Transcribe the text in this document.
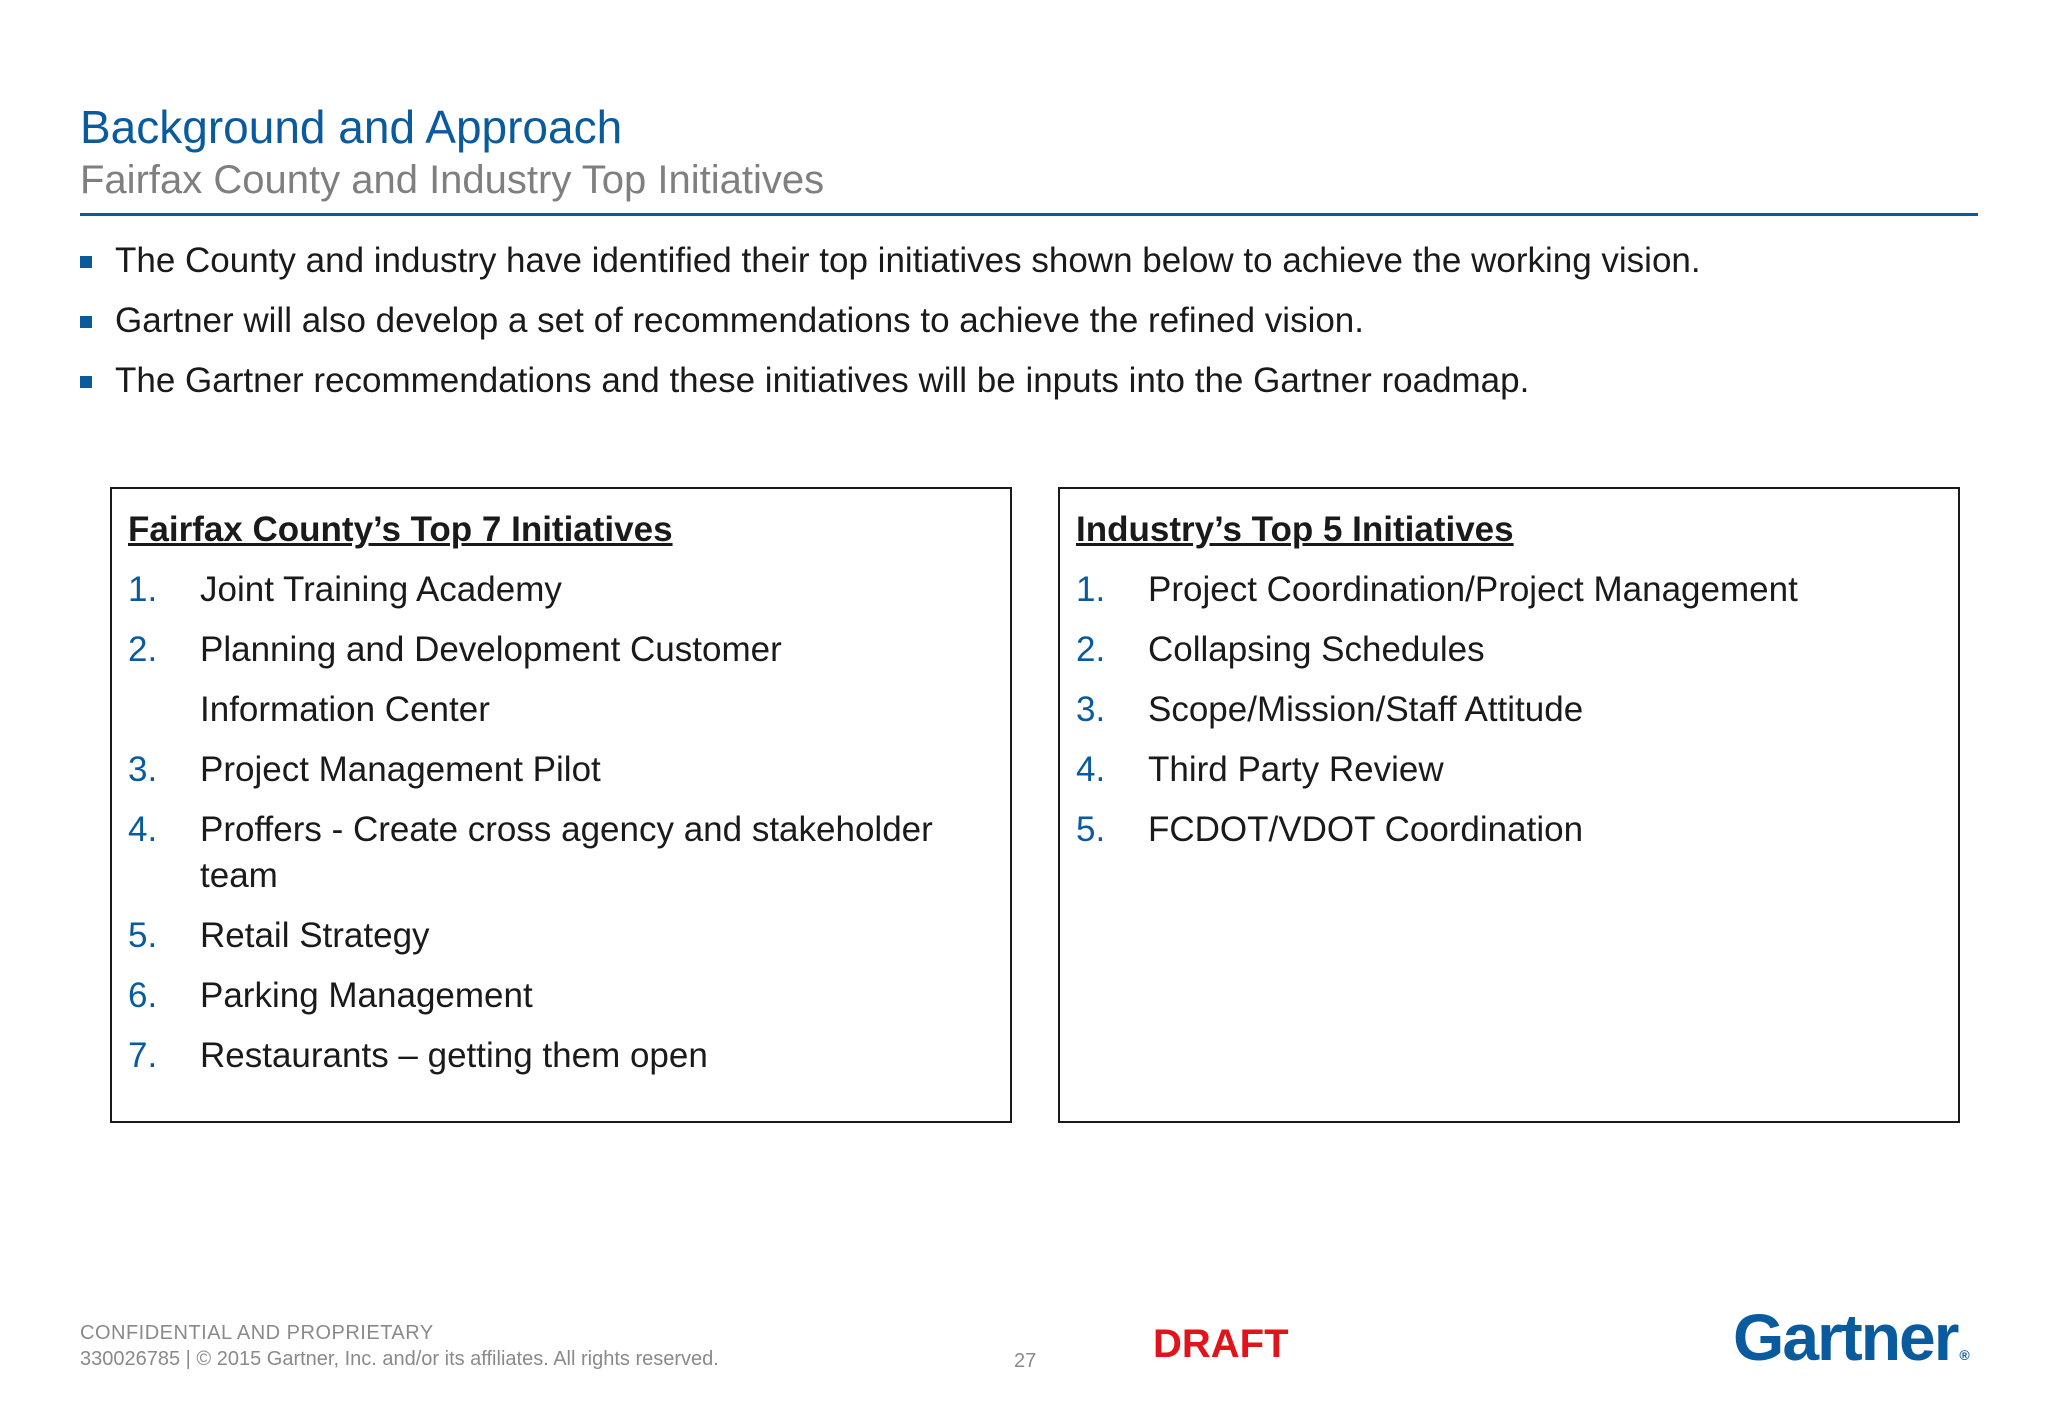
Background and Approach
Fairfax County and Industry Top Initiatives
The County and industry have identified their top initiatives shown below to achieve the working vision.
Gartner will also develop a set of recommendations to achieve the refined vision.
The Gartner recommendations and these initiatives will be inputs into the Gartner roadmap.
Fairfax County’s Top 7 Initiatives
1.	Joint Training Academy
2.	Planning and Development Customer
Information Center
3.	Project Management Pilot
4.	Proffers - Create cross agency and stakeholder team
5.	Retail Strategy
6.	Parking Management
7.	Restaurants – getting them open
Industry’s Top 5 Initiatives
1.	Project Coordination/Project Management
2.	Collapsing Schedules
3.	Scope/Mission/Staff Attitude
4.	Third Party Review
5.	FCDOT/VDOT Coordination
CONFIDENTIAL AND PROPRIETARY
330026785 | © 2015 Gartner, Inc. and/or its affiliates. All rights reserved.	27	DRAFT	Gartner ®
